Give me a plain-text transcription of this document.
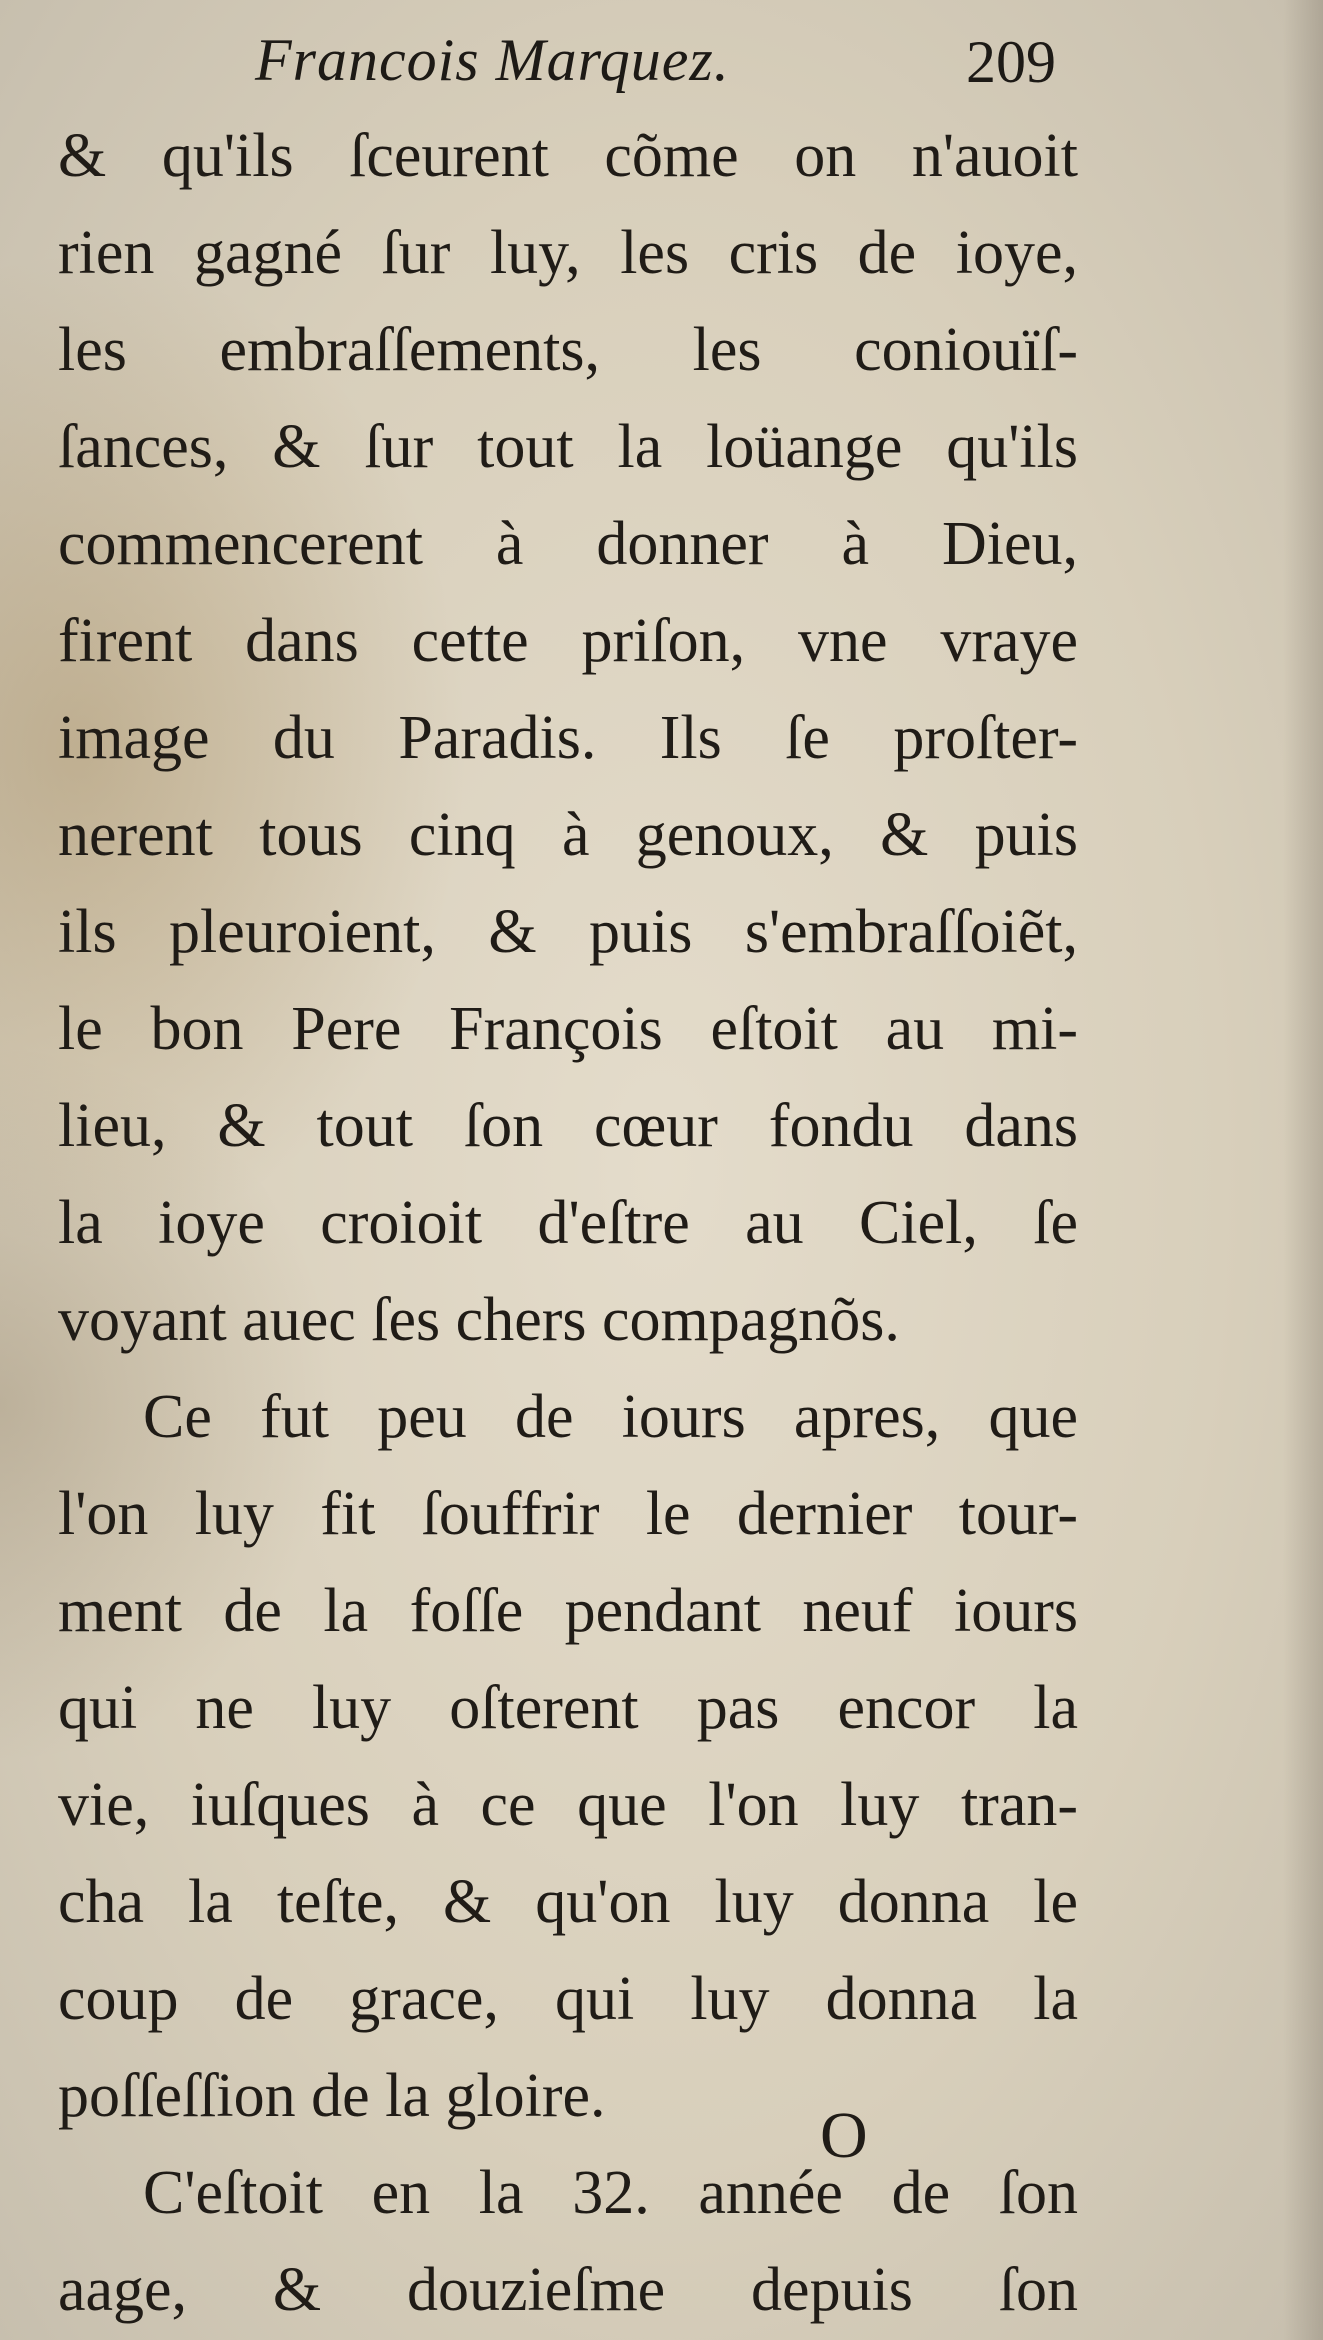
Francois Marquez.	209
& qu'ils ſceurent cõme on n'auoit
rien gagné ſur luy, les cris de ioye,
les embraſſements, les coniouïſ-
ſances, & ſur tout la loüange qu'ils
commencerent à donner à Dieu,
firent dans cette priſon, vne vraye
image du Paradis. Ils ſe proſter-
nerent tous cinq à genoux, & puis
ils pleuroient, & puis s'embraſſoiẽt,
le bon Pere François eſtoit au mi-
lieu, & tout ſon cœur fondu dans
la ioye croioit d'eſtre au Ciel, ſe
voyant auec ſes chers compagnõs.
Ce fut peu de iours apres, que
l'on luy fit ſouffrir le dernier tour-
ment de la foſſe pendant neuf iours
qui ne luy oſterent pas encor la
vie, iuſques à ce que l'on luy tran-
cha la teſte, & qu'on luy donna le
coup de grace, qui luy donna la
poſſeſſion de la gloire.
C'eſtoit en la 32. année de ſon
aage, & douzieſme depuis ſon
O
